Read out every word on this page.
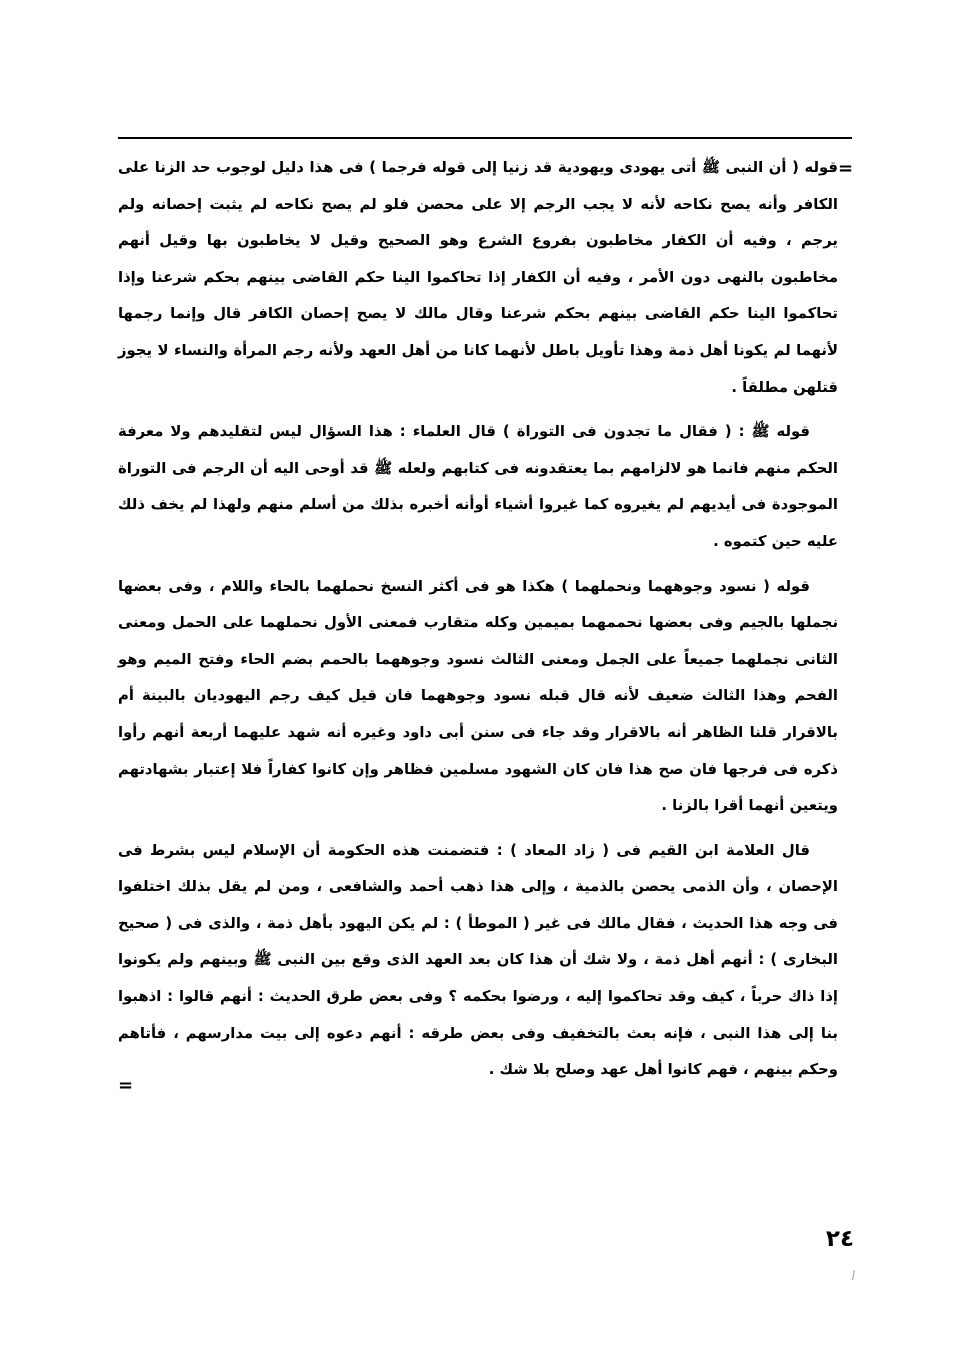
=

قوله ( أن النبى ﷺ أتى يهودى ويهودية قد زنيا إلى قوله فرجما ) فى هذا دليل لوجوب حد الزنا على الكافر وأنه يصح نكاحه لأنه لا يجب الرجم إلا على محصن فلو لم يصح نكاحه لم يثبت إحصانه ولم يرجم ، وفيه أن الكفار مخاطبون بفروع الشرع وهو الصحيح وقيل لا يخاطبون بها وقيل أنهم مخاطبون بالنهى دون الأمر ، وفيه أن الكفار إذا تحاكموا الينا حكم القاضى بينهم بحكم شرعنا وإذا تحاكموا الينا حكم القاضى بينهم بحكم شرعنا وقال مالك لا يصح إحصان الكافر قال وإنما رجمها لأنهما لم يكونا أهل ذمة وهذا تأويل باطل لأنهما كانا من أهل العهد ولأنه رجم المرأة والنساء لا يجوز قتلهن مطلقاً .

قوله ﷺ : ( فقال ما تجدون فى التوراة ) قال العلماء : هذا السؤال ليس لتقليدهم ولا معرفة الحكم منهم فانما هو لالزامهم بما يعتقدونه فى كتابهم ولعله ﷺ قد أوحى اليه أن الرجم فى التوراة الموجودة فى أيديهم لم يغيروه كما غيروا أشياء أوأنه أخبره بذلك من أسلم منهم ولهذا لم يخف ذلك عليه حين كتموه .

قوله ( نسود وجوههما ونحملهما ) هكذا هو فى أكثر النسخ نحملهما بالحاء واللام ، وفى بعضها نجملها بالجيم وفى بعضها نحممهما بميمين وكله متقارب فمعنى الأول نحملهما على الحمل ومعنى الثانى نجملهما جميعاً على الجمل ومعنى الثالث نسود وجوههما بالحمم بضم الحاء وفتح الميم وهو الفحم وهذا الثالث ضعيف لأنه قال قبله نسود وجوههما فان قيل كيف رجم اليهوديان بالبينة أم بالاقرار قلنا الظاهر أنه بالاقرار وقد جاء فى سنن أبى داود وغيره أنه شهد عليهما أربعة أنهم رأوا ذكره فى فرجها فان صح هذا فان كان الشهود مسلمين فظاهر وإن كانوا كفاراً فلا إعتبار بشهادتهم ويتعين أنهما أقرا بالزنا .

قال العلامة ابن القيم فى ( زاد المعاد ) : فتضمنت هذه الحكومة أن الإسلام ليس بشرط فى الإحصان ، وأن الذمى يحصن بالذمية ، وإلى هذا ذهب أحمد والشافعى ، ومن لم يقل بذلك اختلفوا فى وجه هذا الحديث ، فقال مالك فى غير ( الموطأ ) : لم يكن اليهود بأهل ذمة ، والذى فى ( صحيح البخارى ) : أنهم أهل ذمة ، ولا شك أن هذا كان بعد العهد الذى وقع بين النبى ﷺ وبينهم ولم يكونوا إذا ذاك حرباً ، كيف وقد تحاكموا إليه ، ورضوا بحكمه ؟ وفى بعض طرق الحديث : أنهم قالوا : اذهبوا بنا إلى هذا النبى ، فإنه بعث بالتخفيف وفى بعض طرقه : أنهم دعوه إلى بيت مدارسهم ، فأتاهم وحكم بينهم ، فهم كانوا أهل عهد وصلح بلا شك .

=
٢٤
